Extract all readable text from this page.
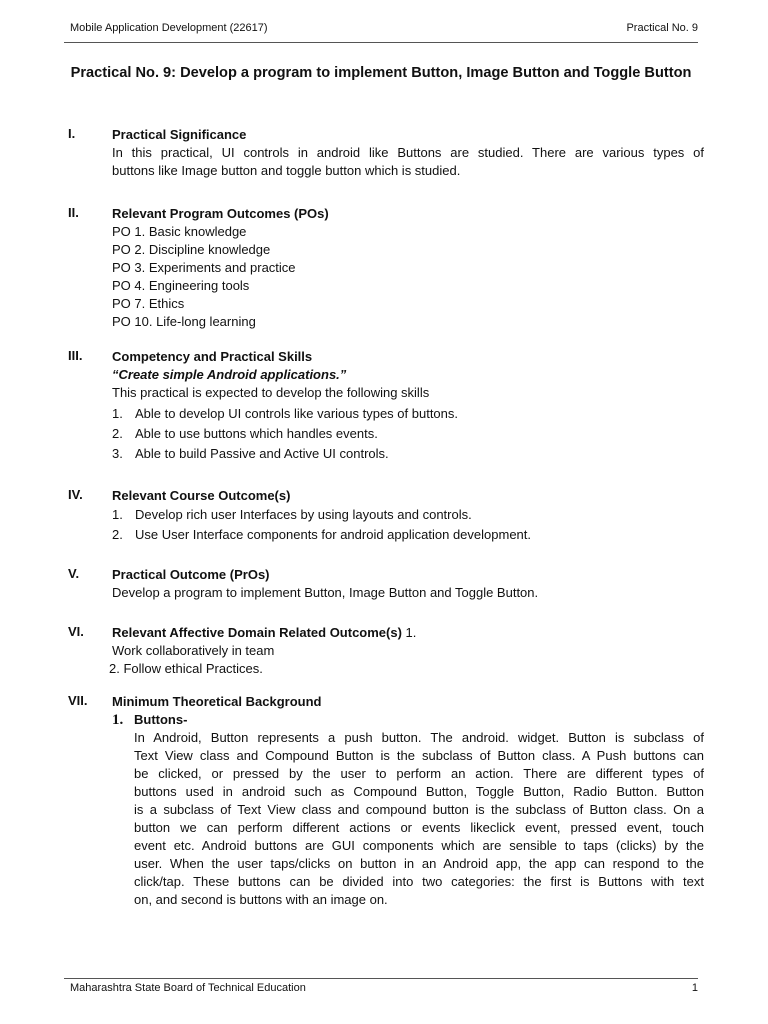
Mobile Application Development (22617)	Practical No. 9
Practical No. 9: Develop a program to implement Button, Image Button and Toggle Button
I.	Practical Significance
In this practical, UI controls in android like Buttons are studied. There are various types of
buttons like Image button and toggle button which is studied.
II.	Relevant Program Outcomes (POs)
PO 1. Basic knowledge
PO 2. Discipline knowledge
PO 3. Experiments and practice
PO 4. Engineering tools
PO 7. Ethics
PO 10. Life-long learning
III. Competency and Practical Skills
“Create simple Android applications.”
This practical is expected to develop the following skills
1. Able to develop UI controls like various types of buttons.
2. Able to use buttons which handles events.
3. Able to build Passive and Active UI controls.
IV. Relevant Course Outcome(s)
1. Develop rich user Interfaces by using layouts and controls.
2. Use User Interface components for android application development.
V.	Practical Outcome (PrOs)
Develop a program to implement Button, Image Button and Toggle Button.
VI. Relevant Affective Domain Related Outcome(s) 1.
Work collaboratively in team
2. Follow ethical Practices.
VII. Minimum Theoretical Background
1. Buttons-
In Android, Button represents a push button. The android. widget. Button is subclass of
Text View class and Compound Button is the subclass of Button class. A Push buttons can
be clicked, or pressed by the user to perform an action. There are different types of
buttons used in android such as Compound Button, Toggle Button, Radio Button. Button
is a subclass of Text View class and compound button is the subclass of Button class. On a
button we can perform different actions or events likeclick event, pressed event, touch
event etc. Android buttons are GUI components which are sensible to taps (clicks) by the
user. When the user taps/clicks on button in an Android app, the app can respond to the
click/tap. These buttons can be divided into two categories: the first is Buttons with text
on, and second is buttons with an image on.
Maharashtra State Board of Technical Education	1
